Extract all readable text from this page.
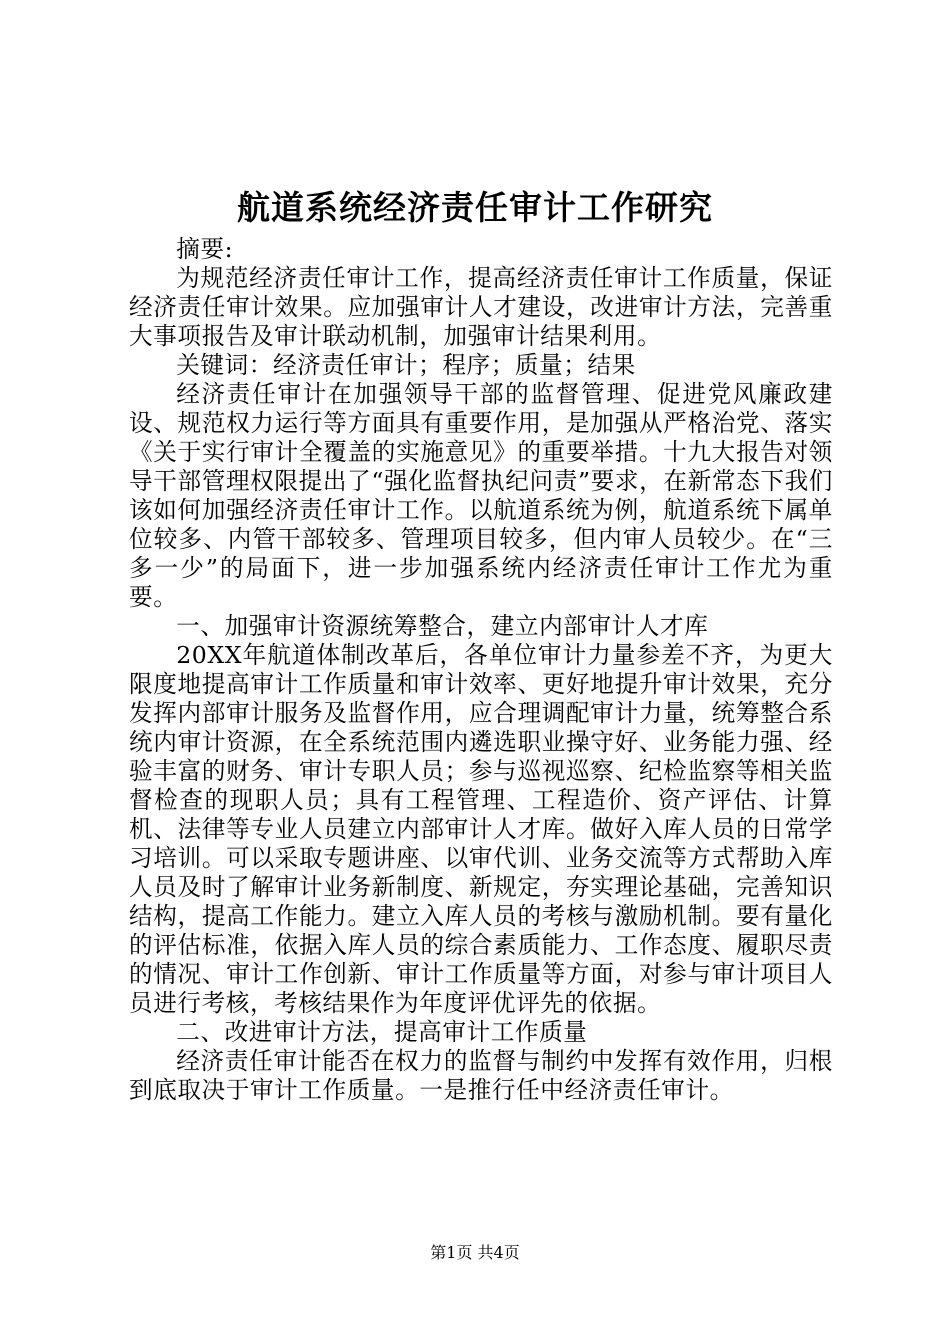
航道系统经济责任审计工作研究

摘要:

为规范经济责任审计工作，提高经济责任审计工作质量，保证经济责任审计效果。应加强审计人才建设，改进审计方法，完善重大事项报告及审计联动机制，加强审计结果利用。

关键词：经济责任审计；程序；质量；结果

经济责任审计在加强领导干部的监督管理、促进党风廉政建设、规范权力运行等方面具有重要作用，是加强从严格治党、落实《关于实行审计全覆盖的实施意见》的重要举措。十九大报告对领导干部管理权限提出了“强化监督执纪问责”要求，在新常态下我们该如何加强经济责任审计工作。以航道系统为例，航道系统下属单位较多、内管干部较多、管理项目较多，但内审人员较少。在“三多一少”的局面下，进一步加强系统内经济责任审计工作尤为重要。

一、加强审计资源统筹整合，建立内部审计人才库

20XX年航道体制改革后，各单位审计力量参差不齐，为更大限度地提高审计工作质量和审计效率、更好地提升审计效果，充分发挥内部审计服务及监督作用，应合理调配审计力量，统筹整合系统内审计资源，在全系统范围内遴选职业操守好、业务能力强、经验丰富的财务、审计专职人员；参与巡视巡察、纪检监察等相关监督检查的现职人员；具有工程管理、工程造价、资产评估、计算机、法律等专业人员建立内部审计人才库。做好入库人员的日常学习培训。可以采取专题讲座、以审代训、业务交流等方式帮助入库人员及时了解审计业务新制度、新规定，夯实理论基础，完善知识结构，提高工作能力。建立入库人员的考核与激励机制。要有量化的评估标准，依据入库人员的综合素质能力、工作态度、履职尽责的情况、审计工作创新、审计工作质量等方面，对参与审计项目人员进行考核，考核结果作为年度评优评先的依据。

二、改进审计方法，提高审计工作质量

经济责任审计能否在权力的监督与制约中发挥有效作用，归根到底取决于审计工作质量。一是推行任中经济责任审计。

第1页 共4页
